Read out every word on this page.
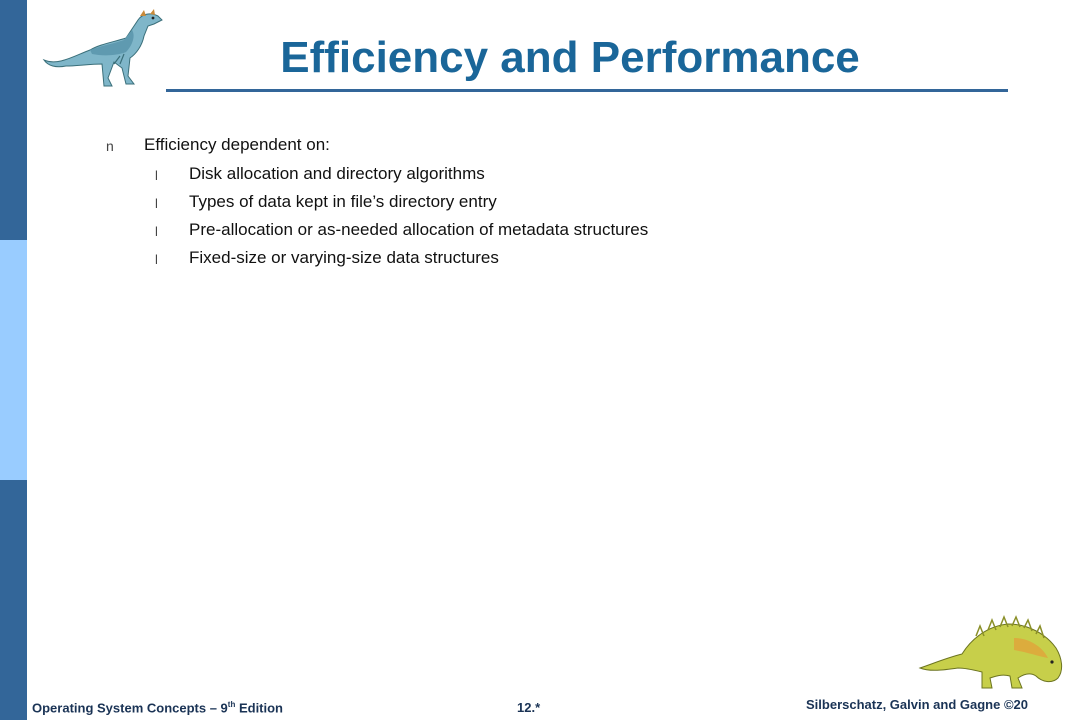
Efficiency and Performance
n Efficiency dependent on:
l Disk allocation and directory algorithms
l Types of data kept in file’s directory entry
l Pre-allocation or as-needed allocation of metadata structures
l Fixed-size or varying-size data structures
Operating System Concepts – 9th Edition	12.*	Silberschatz, Galvin and Gagne ©20
